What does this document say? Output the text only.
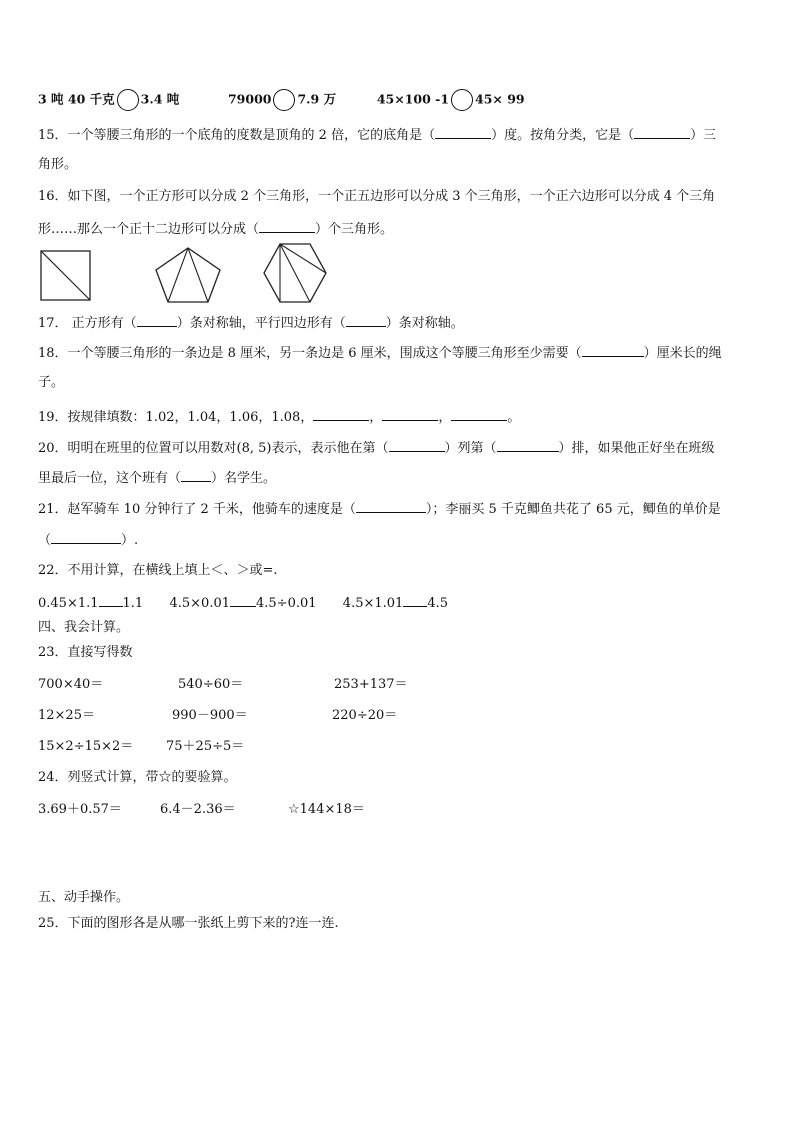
3 吨 40 千克 3.4 吨	79000 7.9 万	45×100 -1 45× 99
15．一个等腰三角形的一个底角的度数是顶角的 2 倍，它的底角是（	）度。按角分类，它是（	）三
角形。
16．如下图，一个正方形可以分成 2 个三角形，一个正五边形可以分成 3 个三角形，一个正六边形可以分成 4 个三角
形……那么一个正十二边形可以分成（	）个三角形。
17． 正方形有（	）条对称轴，平行四边形有（	）条对称轴。
18．一个等腰三角形的一条边是 8 厘米，另一条边是 6 厘米，围成这个等腰三角形至少需要（	）厘米长的绳
子。
19．按规律填数：1.02，1.04，1.06，1.08，	，	，	。
20．明明在班里的位置可以用数对(8, 5)表示，表示他在第（	）列第（	）排，如果他正好坐在班级
里最后一位，这个班有（ ）名学生。
21．赵军骑车 10 分钟行了 2 千米，他骑车的速度是（	）；李丽买 5 千克鲫鱼共花了 65 元，鲫鱼的单价是
（	）.
22．不用计算，在横线上填上＜、＞或=.
0.45×1.1 1.1 4.5×0.01 4.5÷0.01 4.5×1.01 4.5
四、我会计算。
23．直接写得数
700×40＝	540÷60＝	253+137＝
12×25＝	990－900＝	220÷20＝
15×2÷15×2＝	75＋25÷5＝
24．列竖式计算，带☆的要验算。
3.69＋0.57＝	6.4－2.36＝	☆144×18＝
五、动手操作。
25．下面的图形各是从哪一张纸上剪下来的?连一连.
